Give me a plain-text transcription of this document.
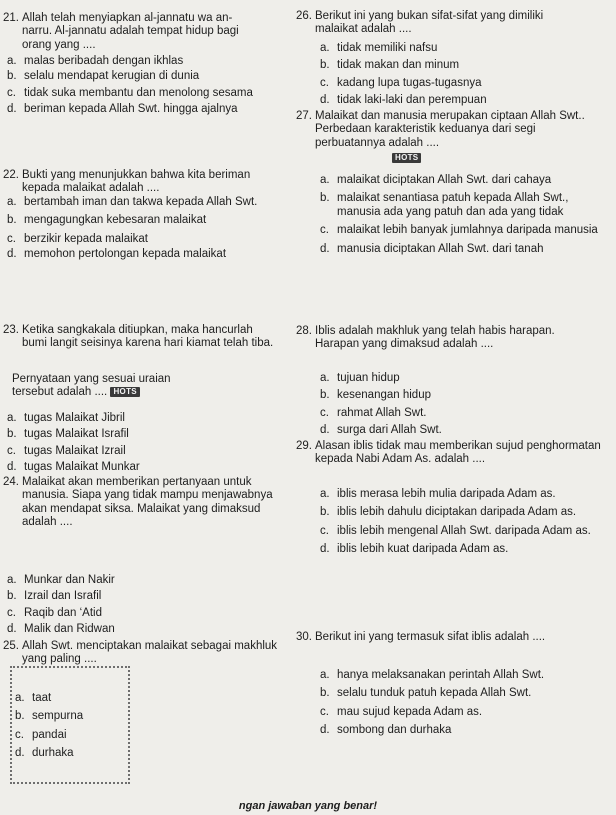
21. Allah telah menyiapkan al-jannatu wa an-narru. Al-jannatu adalah tempat hidup bagi orang yang ....
a. malas beribadah dengan ikhlas
b. selalu mendapat kerugian di dunia
c. tidak suka membantu dan menolong sesama
d. beriman kepada Allah Swt. hingga ajalnya
22. Bukti yang menunjukkan bahwa kita beriman kepada malaikat adalah ....
a. bertambah iman dan takwa kepada Allah Swt.
b. mengagungkan kebesaran malaikat
c. berzikir kepada malaikat
d. memohon pertolongan kepada malaikat
23. Ketika sangkakala ditiupkan, maka hancurlah bumi langit seisinya karena hari kiamat telah tiba.
Pernyataan yang sesuai uraian tersebut adalah .... HOTS
a. tugas Malaikat Jibril
b. tugas Malaikat Israfil
c. tugas Malaikat Izrail
d. tugas Malaikat Munkar
24. Malaikat akan memberikan pertanyaan untuk manusia. Siapa yang tidak mampu menjawabnya akan mendapat siksa. Malaikat yang dimaksud adalah ....
a. Munkar dan Nakir
b. Izrail dan Israfil
c. Raqib dan ‘Atid
d. Malik dan Ridwan
25. Allah Swt. menciptakan malaikat sebagai makhluk yang paling ....
a. taat
b. sempurna
c. pandai
d. durhaka
26. Berikut ini yang bukan sifat-sifat yang dimiliki malaikat adalah ....
a. tidak memiliki nafsu
b. tidak makan dan minum
c. kadang lupa tugas-tugasnya
d. tidak laki-laki dan perempuan
27. Malaikat dan manusia merupakan ciptaan Allah Swt.. Perbedaan karakteristik keduanya dari segi perbuatannya adalah ....
a. malaikat diciptakan Allah Swt. dari cahaya
b. malaikat senantiasa patuh kepada Allah Swt., manusia ada yang patuh dan ada yang tidak
c. malaikat lebih banyak jumlahnya daripada manusia
d. manusia diciptakan Allah Swt. dari tanah
28. Iblis adalah makhluk yang telah habis harapan. Harapan yang dimaksud adalah ....
a. tujuan hidup
b. kesenangan hidup
c. rahmat Allah Swt.
d. surga dari Allah Swt.
29. Alasan iblis tidak mau memberikan sujud penghormatan kepada Nabi Adam As. adalah ....
a. iblis merasa lebih mulia daripada Adam as.
b. iblis lebih dahulu diciptakan daripada Adam as.
c. iblis lebih mengenal Allah Swt. daripada Adam as.
d. iblis lebih kuat daripada Adam as.
30. Berikut ini yang termasuk sifat iblis adalah ....
a. hanya melaksanakan perintah Allah Swt.
b. selalu tunduk patuh kepada Allah Swt.
c. mau sujud kepada Adam as.
d. sombong dan durhaka
HOTS
ngan jawaban yang benar!
